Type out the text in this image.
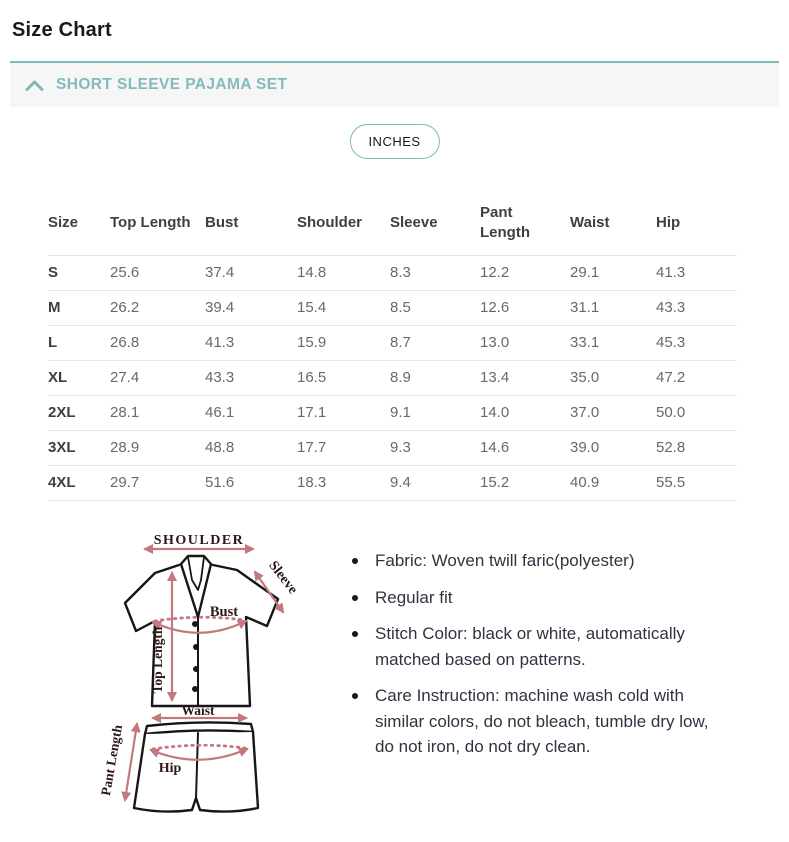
Size Chart
SHORT SLEEVE PAJAMA SET
INCHES
Size	Top Length	Bust	Shoulder	Sleeve	Pant Length	Waist	Hip
S	25.6	37.4	14.8	8.3	12.2	29.1	41.3
M	26.2	39.4	15.4	8.5	12.6	31.1	43.3
L	26.8	41.3	15.9	8.7	13.0	33.1	45.3
XL	27.4	43.3	16.5	8.9	13.4	35.0	47.2
2XL	28.1	46.1	17.1	9.1	14.0	37.0	50.0
3XL	28.9	48.8	17.7	9.3	14.6	39.0	52.8
4XL	29.7	51.6	18.3	9.4	15.2	40.9	55.5
SHOULDER
Sleeve
Bust
Top Length
Waist
Pant Length Hip
Fabric: Woven twill faric(polyester)
Regular fit
Stitch Color: black or white, automatically matched based on patterns.
Care Instruction: machine wash cold with similar colors, do not bleach, tumble dry low, do not iron, do not dry clean.
